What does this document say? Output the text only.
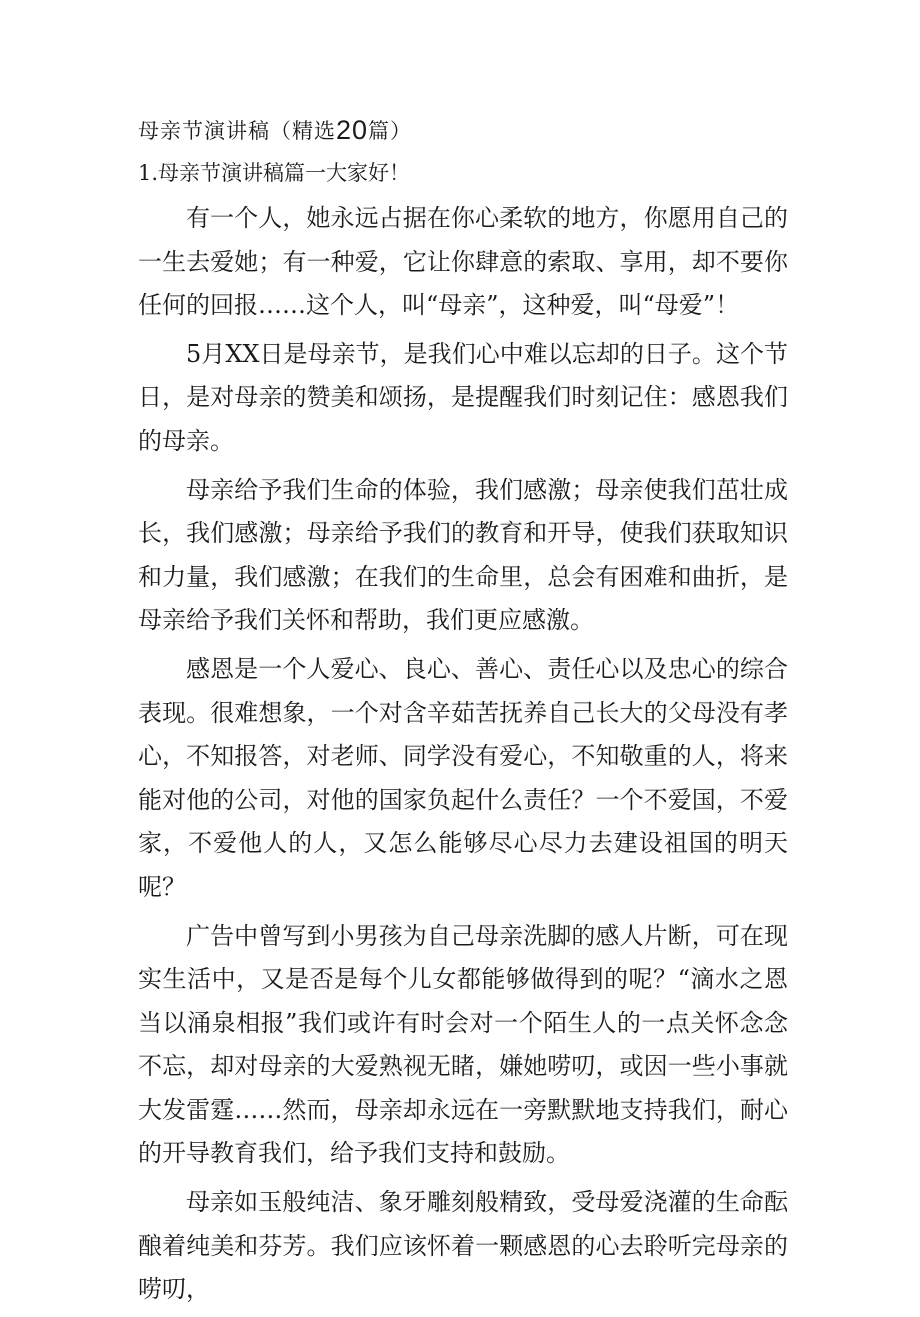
母亲节演讲稿（精选20篇）
1.母亲节演讲稿篇一大家好！

有一个人，她永远占据在你心柔软的地方，你愿用自己的一生去爱她；有一种爱，它让你肆意的索取、享用，却不要你任何的回报……这个人，叫“母亲”，这种爱，叫“母爱”！

5月XX日是母亲节，是我们心中难以忘却的日子。这个节日，是对母亲的赞美和颂扬，是提醒我们时刻记住：感恩我们的母亲。

母亲给予我们生命的体验，我们感激；母亲使我们茁壮成长，我们感激；母亲给予我们的教育和开导，使我们获取知识和力量，我们感激；在我们的生命里，总会有困难和曲折，是母亲给予我们关怀和帮助，我们更应感激。

感恩是一个人爱心、良心、善心、责任心以及忠心的综合表现。很难想象，一个对含辛茹苦抚养自己长大的父母没有孝心，不知报答，对老师、同学没有爱心，不知敬重的人，将来能对他的公司，对他的国家负起什么责任？一个不爱国，不爱家，不爱他人的人，又怎么能够尽心尽力去建设祖国的明天呢？

广告中曾写到小男孩为自己母亲洗脚的感人片断，可在现实生活中，又是否是每个儿女都能够做得到的呢？“滴水之恩当以涌泉相报”我们或许有时会对一个陌生人的一点关怀念念不忘，却对母亲的大爱熟视无睹，嫌她唠叨，或因一些小事就大发雷霆……然而，母亲却永远在一旁默默地支持我们，耐心的开导教育我们，给予我们支持和鼓励。

母亲如玉般纯洁、象牙雕刻般精致，受母爱浇灌的生命酝酿着纯美和芬芳。我们应该怀着一颗感恩的心去聆听完母亲的唠叨，
